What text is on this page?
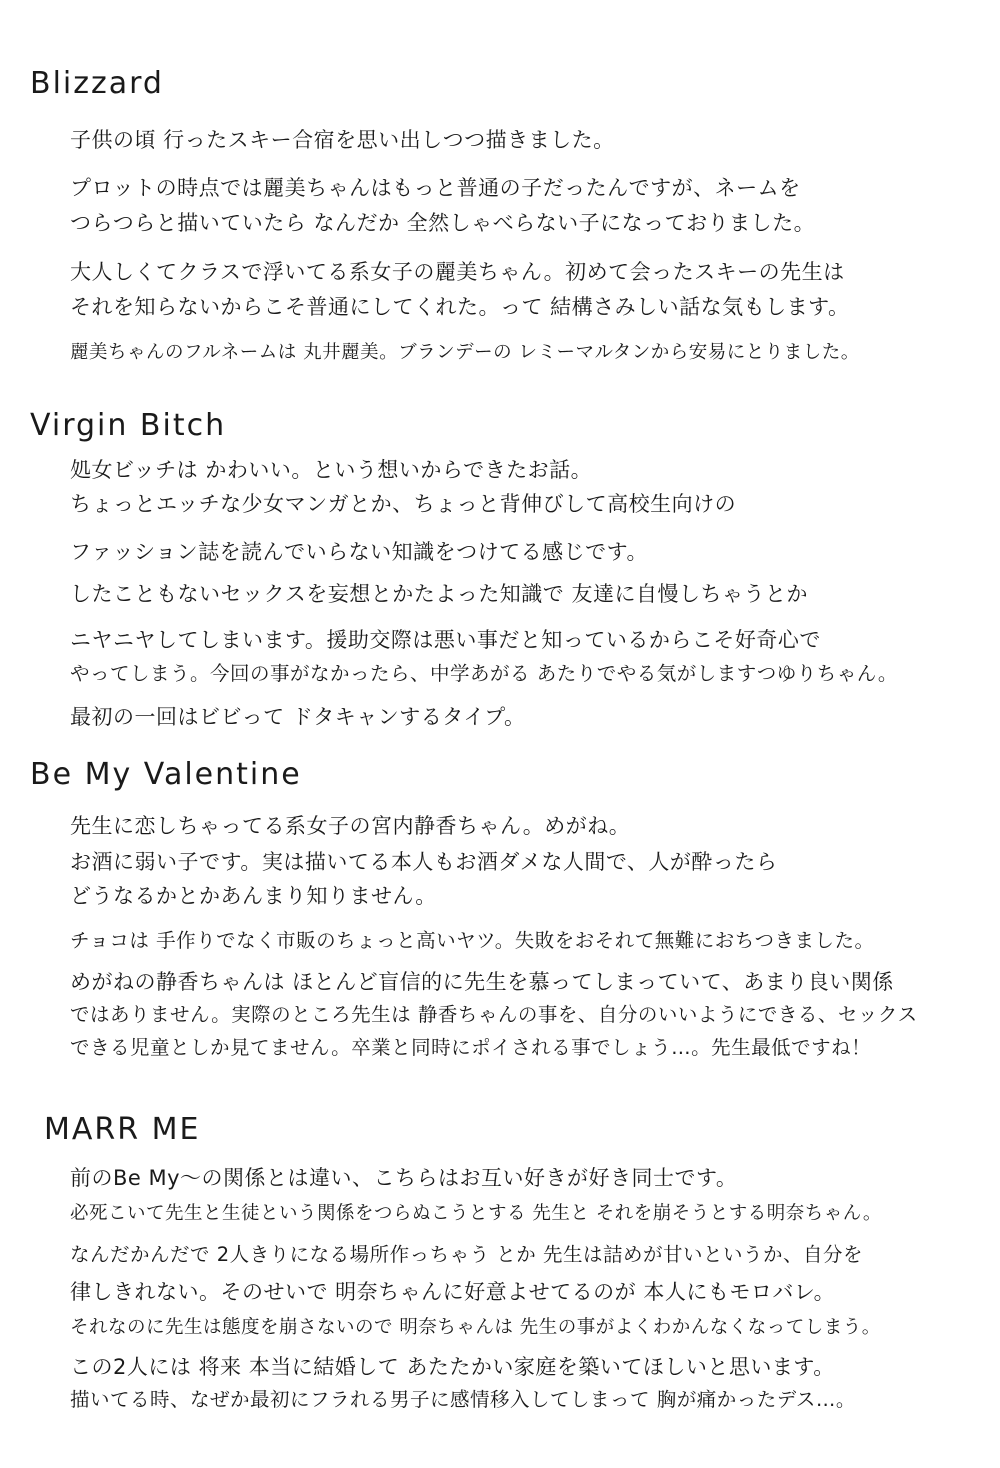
Blizzard
子供の頃 行ったスキー合宿を思い出しつつ描きました。
プロットの時点では麗美ちゃんはもっと普通の子だったんですが、ネームを
つらつらと描いていたら なんだか 全然しゃべらない子になっておりました。
大人しくてクラスで浮いてる系女子の麗美ちゃん。初めて会ったスキーの先生は
それを知らないからこそ普通にしてくれた。って 結構さみしい話な気もします。
麗美ちゃんのフルネームは 丸井麗美。ブランデーの レミーマルタンから安易にとりました。
Virgin Bitch
処女ビッチは かわいい。という想いからできたお話。
ちょっとエッチな少女マンガとか、ちょっと背伸びして高校生向けの
ファッション誌を読んでいらない知識をつけてる感じです。
したこともないセックスを妄想とかたよった知識で 友達に自慢しちゃうとか
ニヤニヤしてしまいます。援助交際は悪い事だと知っているからこそ好奇心で
やってしまう。今回の事がなかったら、中学あがる あたりでやる気がしますつゆりちゃん。
最初の一回はビビって ドタキャンするタイプ。
Be My Valentine
先生に恋しちゃってる系女子の宮内静香ちゃん。めがね。
お酒に弱い子です。実は描いてる本人もお酒ダメな人間で、人が酔ったら
どうなるかとかあんまり知りません。
チョコは 手作りでなく市販のちょっと高いヤツ。失敗をおそれて無難におちつきました。
めがねの静香ちゃんは ほとんど盲信的に先生を慕ってしまっていて、あまり良い関係
ではありません。実際のところ先生は 静香ちゃんの事を、自分のいいようにできる、セックス
できる児童としか見てません。卒業と同時にポイされる事でしょう…。先生最低ですね！
MARR ME
前のBe My～の関係とは違い、こちらはお互い好きが好き同士です。
必死こいて先生と生徒という関係をつらぬこうとする 先生と それを崩そうとする明奈ちゃん。
なんだかんだで 2人きりになる場所作っちゃう とか 先生は詰めが甘いというか、自分を
律しきれない。そのせいで 明奈ちゃんに好意よせてるのが 本人にもモロバレ。
それなのに先生は態度を崩さないので 明奈ちゃんは 先生の事がよくわかんなくなってしまう。
この2人には 将来 本当に結婚して あたたかい家庭を築いてほしいと思います。
描いてる時、なぜか最初にフラれる男子に感情移入してしまって 胸が痛かったデス…。
